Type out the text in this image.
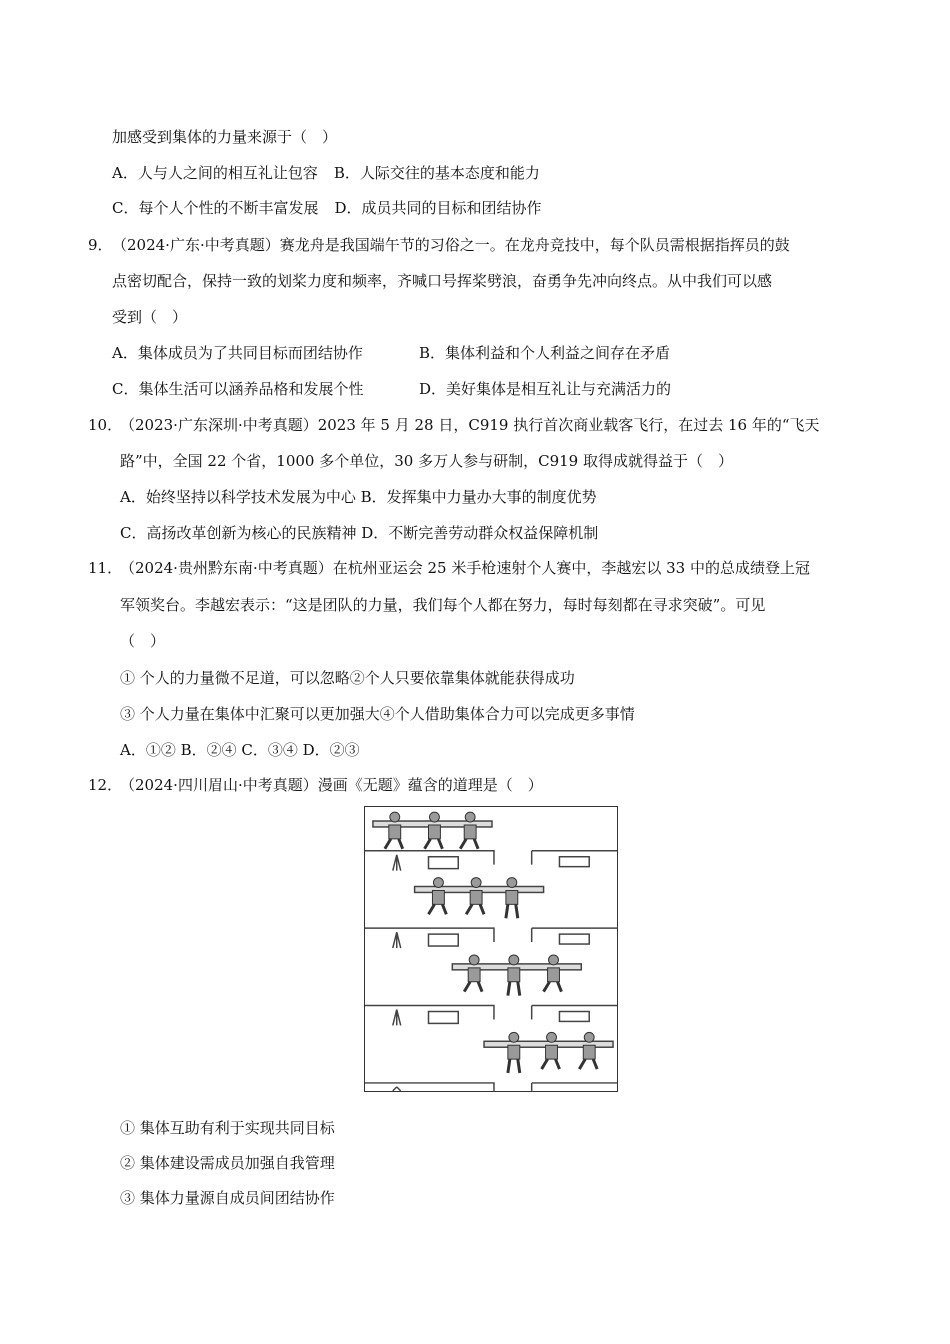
加感受到集体的力量来源于（　）
A．人与人之间的相互礼让包容 B．人际交往的基本态度和能力
C．每个人个性的不断丰富发展 D．成员共同的目标和团结协作
9． （2024·广东·中考真题）赛龙舟是我国端午节的习俗之一。在龙舟竞技中，每个队员需根据指挥员的鼓
点密切配合，保持一致的划桨力度和频率，齐喊口号挥桨劈浪，奋勇争先冲向终点。从中我们可以感
受到（　）
A．集体成员为了共同目标而团结协作	B．集体利益和个人利益之间存在矛盾
C．集体生活可以涵养品格和发展个性	D．美好集体是相互礼让与充满活力的
10．
（2023·广东深圳·中考真题）2023 年 5 月 28 日，C919 执行首次商业载客飞行，在过去 16 年的“飞天
路”中，全国 22 个省，1000 多个单位，30 多万人参与研制，C919 取得成就得益于（　）
A．始终坚持以科学技术发展为中心 B．发挥集中力量办大事的制度优势
C．高扬改革创新为核心的民族精神 D．不断完善劳动群众权益保障机制
11．
（2024·贵州黔东南·中考真题）在杭州亚运会 25 米手枪速射个人赛中，李越宏以 33 中的总成绩登上冠
军领奖台。李越宏表示：“这是团队的力量，我们每个人都在努力，每时每刻都在寻求突破”。可见
（　）
① 个人的力量微不足道，可以忽略②个人只要依靠集体就能获得成功
③ 个人力量在集体中汇聚可以更加强大④个人借助集体合力可以完成更多事情
A．①② B．②④ C．③④ D．②③
12．
（2024·四川眉山·中考真题）漫画《无题》蕴含的道理是（　）
① 集体互助有利于实现共同目标
② 集体建设需成员加强自我管理
③ 集体力量源自成员间团结协作
